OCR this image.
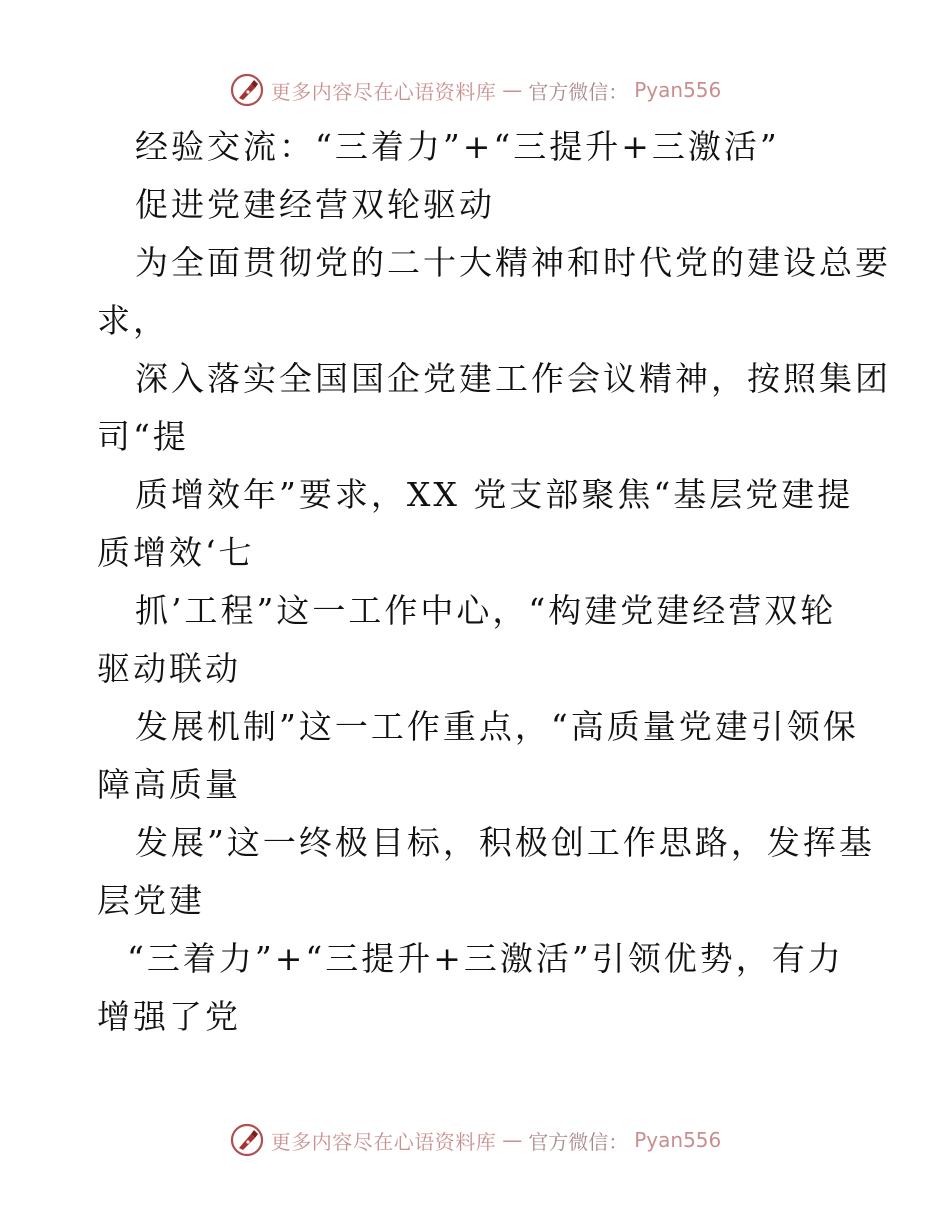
更多内容尽在心语资料库 — 官方微信： Pyan556
经验交流：“三着力”+“三提升+三激活”
促进党建经营双轮驱动
为全面贯彻党的二十大精神和时代党的建设总要
求，
深入落实全国国企党建工作会议精神，按照集团
司“提
质增效年”要求，XX 党支部聚焦“基层党建提
质增效‘七
抓’工程”这一工作中心，“构建党建经营双轮
驱动联动
发展机制”这一工作重点，“高质量党建引领保
障高质量
发展”这一终极目标，积极创工作思路，发挥基
层党建
“三着力”+“三提升+三激活”引领优势，有力
增强了党
更多内容尽在心语资料库 — 官方微信： Pyan556
